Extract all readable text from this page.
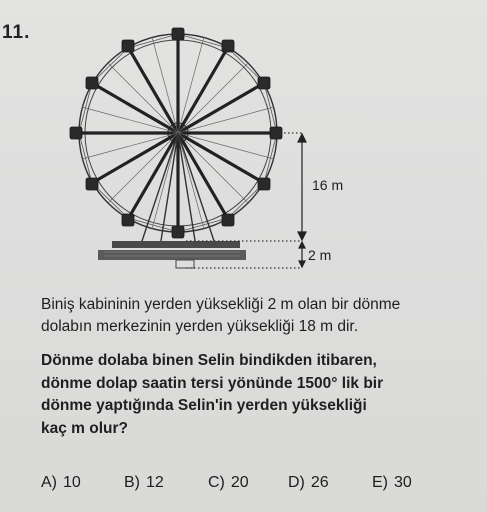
11.
16 m
2 m
Biniş kabininin yerden yüksekliği 2 m olan bir dönme
dolabın merkezinin yerden yüksekliği 18 m dir.
Dönme dolaba binen Selin bindikden itibaren,
dönme dolap saatin tersi yönünde 1500° lik bir
dönme yaptığında Selin'in yerden yüksekliği
kaç m olur?
A) 10	B) 12	C) 20 D) 26	E) 30
